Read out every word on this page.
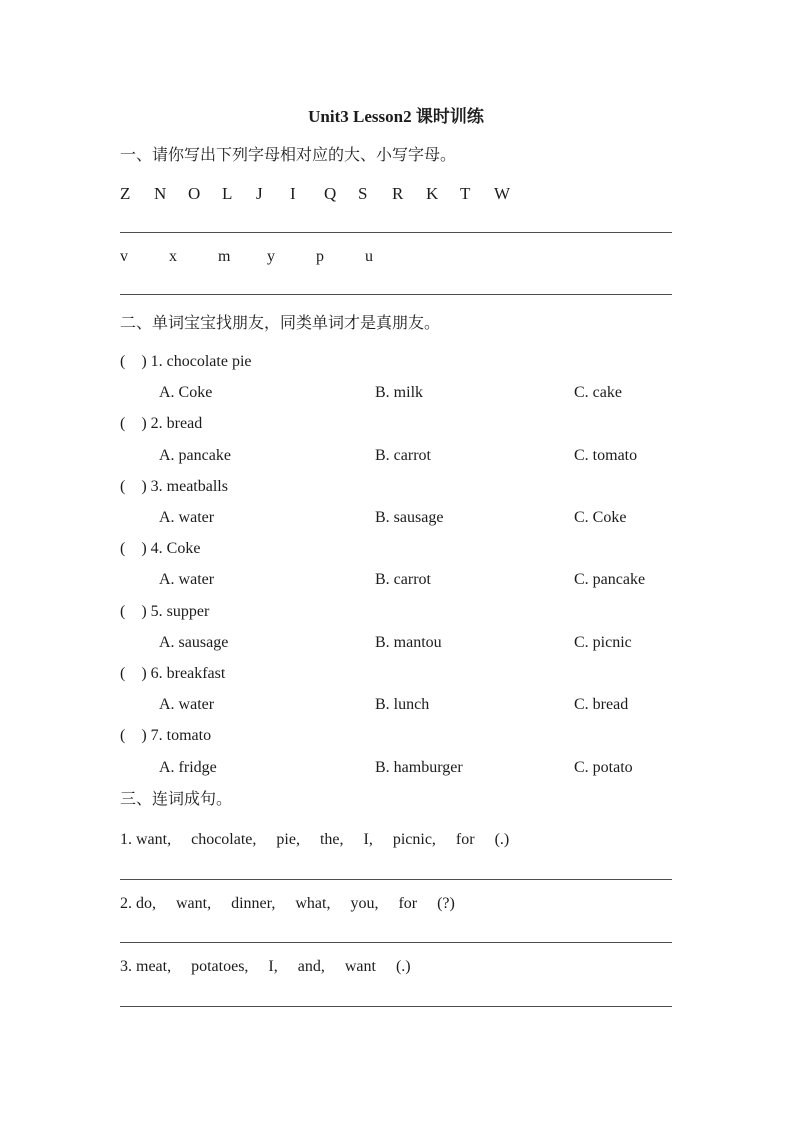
Unit3 Lesson2 课时训练
一、请你写出下列字母相对应的大、小写字母。
Z	N	O	L	J	I	Q	S	R	K	T	W
v	x	m	y	p	u
二、单词宝宝找朋友，同类单词才是真朋友。
(    ) 1. chocolate pie
A. Coke	B. milk	C. cake
(    ) 2. bread
A. pancake	B. carrot	C. tomato
(    ) 3. meatballs
A. water	B. sausage	C. Coke
(    ) 4. Coke
A. water	B. carrot	C. pancake
(    ) 5. supper
A. sausage	B. mantou	C. picnic
(    ) 6. breakfast
A. water	B. lunch	C. bread
(    ) 7. tomato
A. fridge	B. hamburger	C. potato
三、连词成句。
1. want,     chocolate,     pie,     the,     I,     picnic,     for     (.)
2. do,     want,     dinner,     what,     you,     for     (?)
3. meat,     potatoes,     I,     and,     want     (.)
